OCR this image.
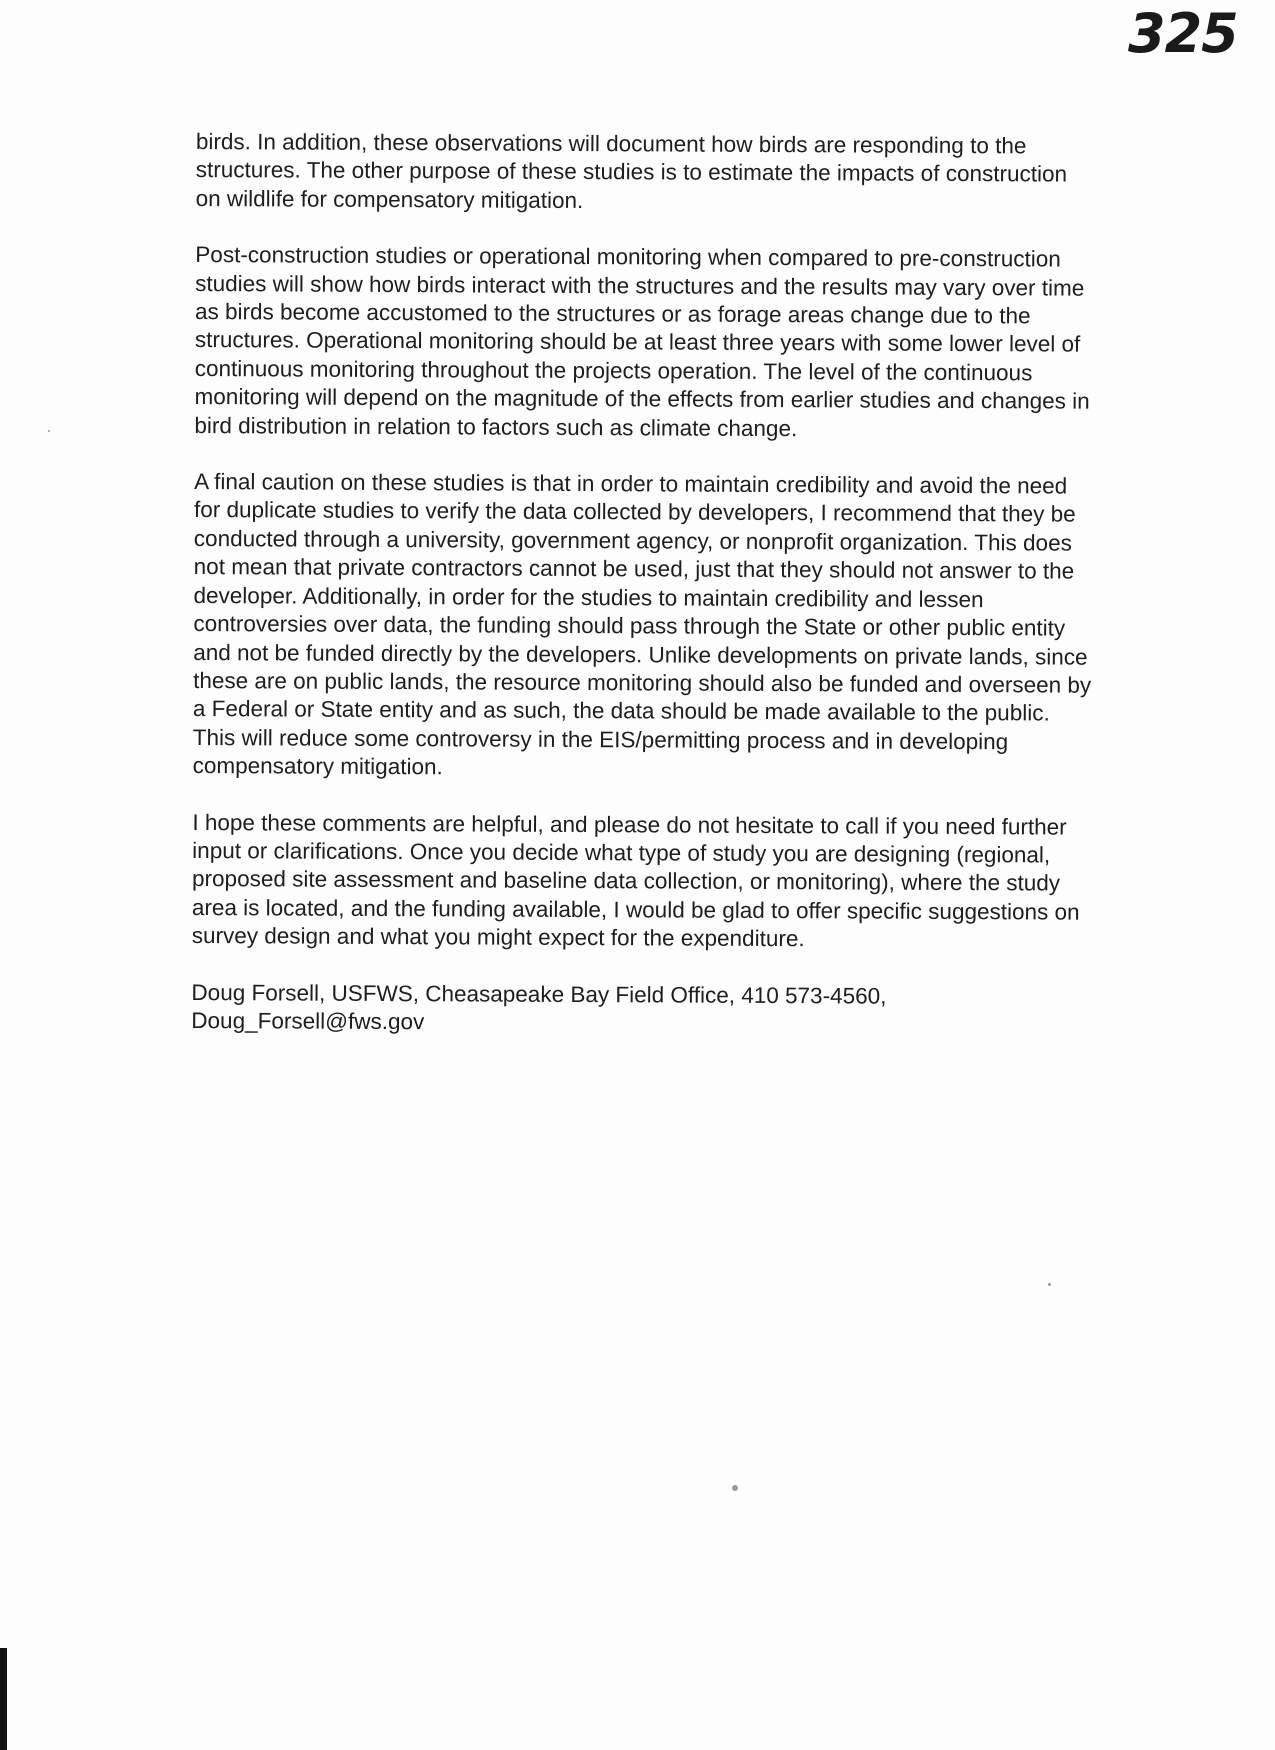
325

birds. In addition, these observations will document how birds are responding to the structures. The other purpose of these studies is to estimate the impacts of construction on wildlife for compensatory mitigation.

Post-construction studies or operational monitoring when compared to pre-construction studies will show how birds interact with the structures and the results may vary over time as birds become accustomed to the structures or as forage areas change due to the structures. Operational monitoring should be at least three years with some lower level of continuous monitoring throughout the projects operation. The level of the continuous monitoring will depend on the magnitude of the effects from earlier studies and changes in bird distribution in relation to factors such as climate change.

A final caution on these studies is that in order to maintain credibility and avoid the need for duplicate studies to verify the data collected by developers, I recommend that they be conducted through a university, government agency, or nonprofit organization. This does not mean that private contractors cannot be used, just that they should not answer to the developer. Additionally, in order for the studies to maintain credibility and lessen controversies over data, the funding should pass through the State or other public entity and not be funded directly by the developers. Unlike developments on private lands, since these are on public lands, the resource monitoring should also be funded and overseen by a Federal or State entity and as such, the data should be made available to the public. This will reduce some controversy in the EIS/permitting process and in developing compensatory mitigation.

I hope these comments are helpful, and please do not hesitate to call if you need further input or clarifications. Once you decide what type of study you are designing (regional, proposed site assessment and baseline data collection, or monitoring), where the study area is located, and the funding available, I would be glad to offer specific suggestions on survey design and what you might expect for the expenditure.

Doug Forsell, USFWS, Cheasapeake Bay Field Office, 410 573-4560,
Doug_Forsell@fws.gov
